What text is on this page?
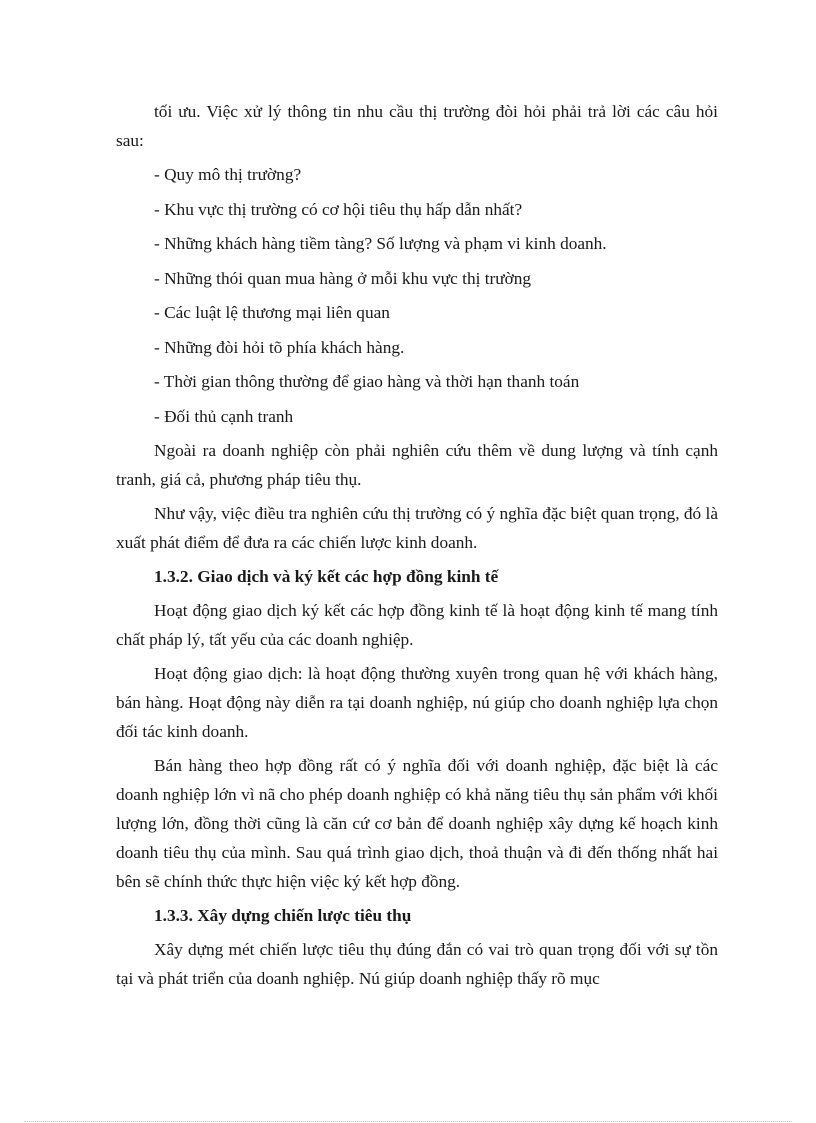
tối ưu. Việc xử lý thông tin nhu cầu thị trường đòi hỏi phải trả lời các câu hỏi sau:

- Quy mô thị trường?
- Khu vực thị trường có cơ hội tiêu thụ hấp dẫn nhất?
- Những khách hàng tiềm tàng? Số lượng và phạm vi kinh doanh.
- Những thói quan mua hàng ở mỗi khu vực thị trường
- Các luật lệ thương mại liên quan
- Những đòi hỏi tõ phía khách hàng.
- Thời gian thông thường để giao hàng và thời hạn thanh toán
- Đối thủ cạnh tranh

Ngoài ra doanh nghiệp còn phải nghiên cứu thêm về dung lượng và tính cạnh tranh, giá cả, phương pháp tiêu thụ.

Như vậy, việc điều tra nghiên cứu thị trường có ý nghĩa đặc biệt quan trọng, đó là xuất phát điểm để đưa ra các chiến lược kinh doanh.

1.3.2. Giao dịch và ký kết các hợp đồng kinh tế

Hoạt động giao dịch ký kết các hợp đồng kinh tế là hoạt động kinh tế mang tính chất pháp lý, tất yếu của các doanh nghiệp.

Hoạt động giao dịch: là hoạt động thường xuyên trong quan hệ với khách hàng, bán hàng. Hoạt động này diễn ra tại doanh nghiệp, nú giúp cho doanh nghiệp lựa chọn đối tác kinh doanh.

Bán hàng theo hợp đồng rất có ý nghĩa đối với doanh nghiệp, đặc biệt là các doanh nghiệp lớn vì nã cho phép doanh nghiệp có khả năng tiêu thụ sản phẩm với khối lượng lớn, đồng thời cũng là căn cứ cơ bản để doanh nghiệp xây dựng kế hoạch kinh doanh tiêu thụ của mình. Sau quá trình giao dịch, thoả thuận và đi đến thống nhất hai bên sẽ chính thức thực hiện việc ký kết hợp đồng.

1.3.3. Xây dựng chiến lược tiêu thụ

Xây dựng mét chiến lược tiêu thụ đúng đắn có vai trò quan trọng đối với sự tồn tại và phát triển của doanh nghiệp. Nú giúp doanh nghiệp thấy rõ mục
